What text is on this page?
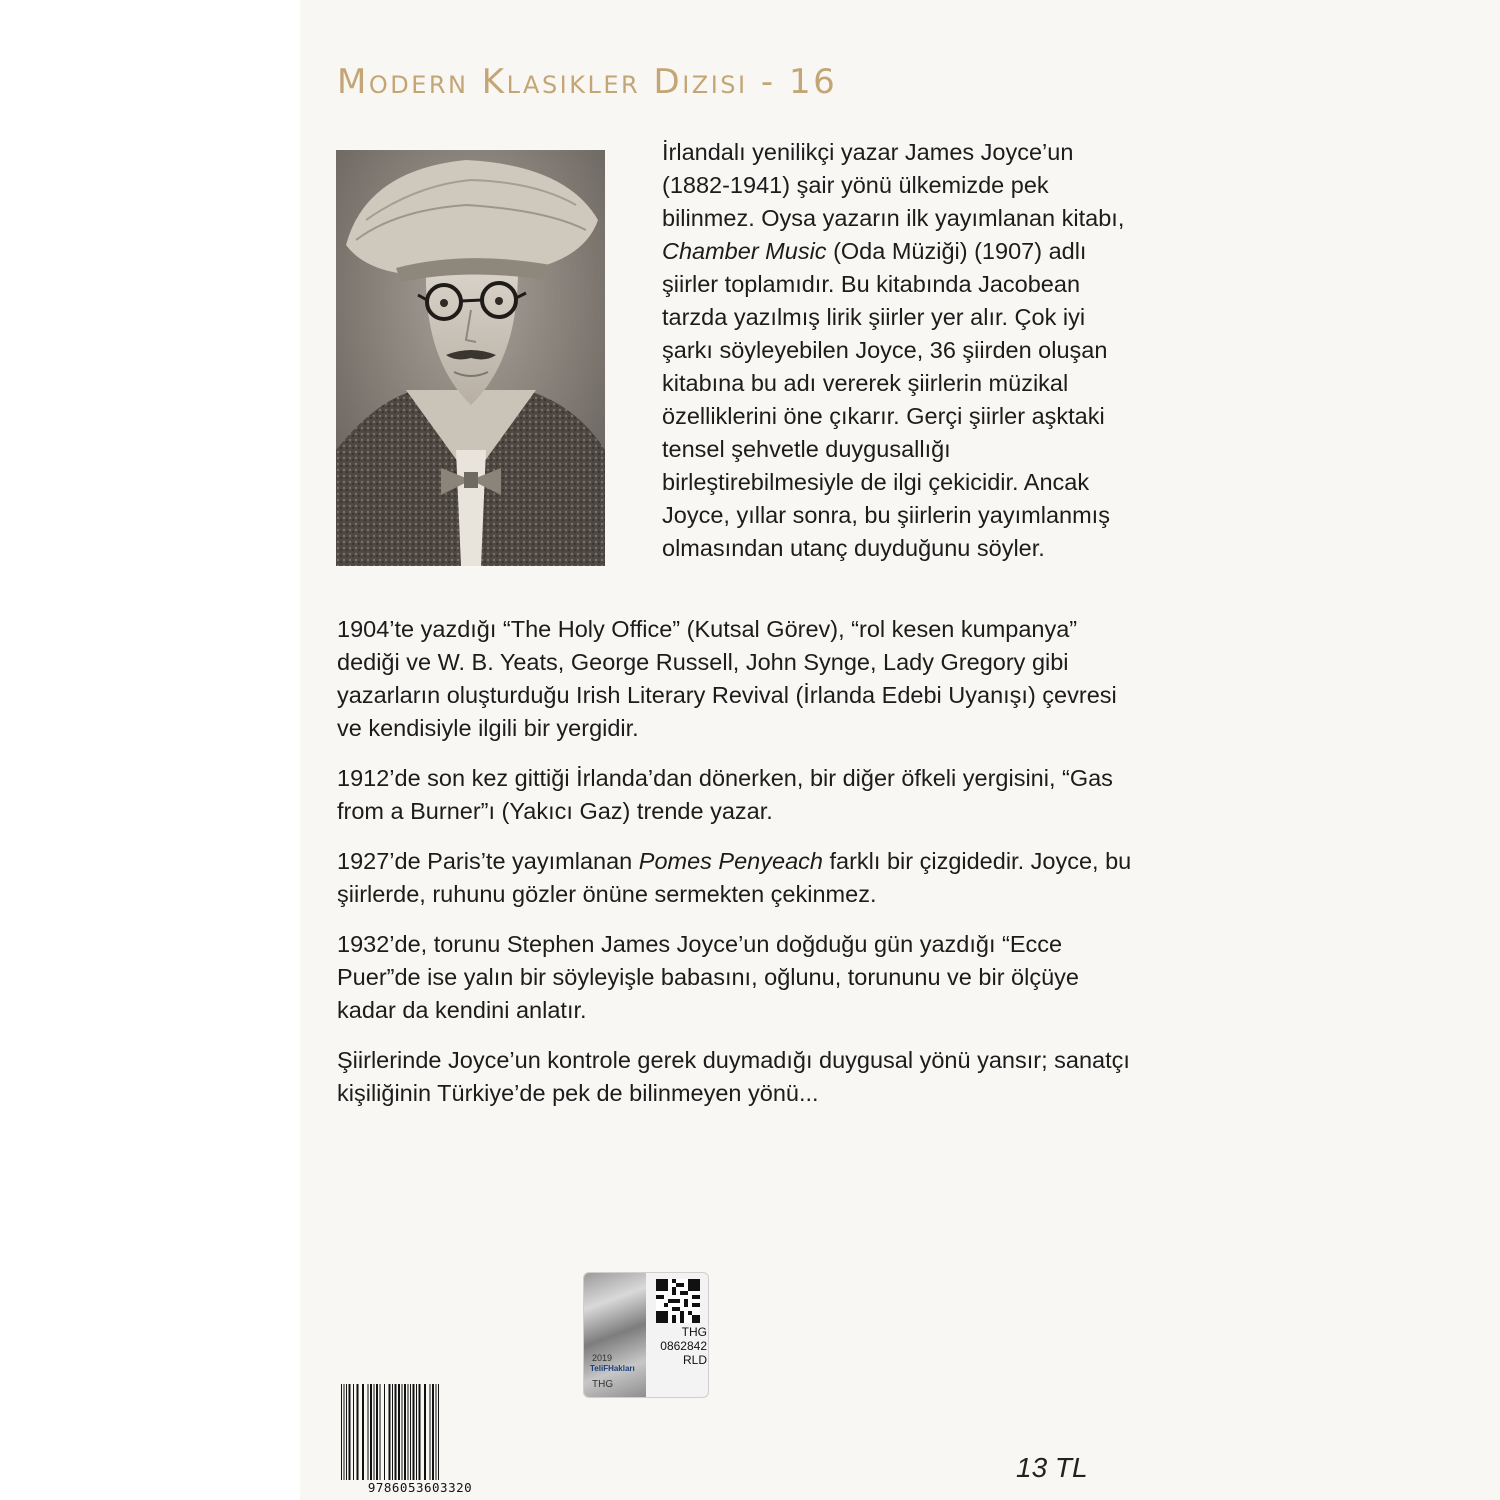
Modern Klasikler Dizisi - 16

İrlandalı yenilikçi yazar James Joyce’un (1882-1941) şair yönü ülkemizde pek bilinmez. Oysa yazarın ilk yayımlanan kitabı, Chamber Music (Oda Müziği) (1907) adlı şiirler toplamıdır. Bu kitabında Jacobean tarzda yazılmış lirik şiirler yer alır. Çok iyi şarkı söyleyebilen Joyce, 36 şiirden oluşan kitabına bu adı vererek şiirlerin müzikal özelliklerini öne çıkarır. Gerçi şiirler aşktaki tensel şehvetle duygusallığı birleştirebilmesiyle de ilgi çekicidir. Ancak Joyce, yıllar sonra, bu şiirlerin yayımlanmış olmasından utanç duyduğunu söyler.

1904’te yazdığı “The Holy Office” (Kutsal Görev), “rol kesen kumpanya” dediği ve W. B. Yeats, George Russell, John Synge, Lady Gregory gibi yazarların oluşturduğu Irish Literary Revival (İrlanda Edebi Uyanışı) çevresi ve kendisiyle ilgili bir yergidir.

1912’de son kez gittiği İrlanda’dan dönerken, bir diğer öfkeli yergisini, “Gas from a Burner”ı (Yakıcı Gaz) trende yazar.

1927’de Paris’te yayımlanan Pomes Penyeach farklı bir çizgidedir. Joyce, bu şiirlerde, ruhunu gözler önüne sermekten çekinmez.

1932’de, torunu Stephen James Joyce’un doğduğu gün yazdığı “Ecce Puer”de ise yalın bir söyleyişle babasını, oğlunu, torununu ve bir ölçüye kadar da kendini anlatır.

Şiirlerinde Joyce’un kontrole gerek duymadığı duygusal yönü yansır; sanatçı kişiliğinin Türkiye’de pek de bilinmeyen yönü...

2019
TeliFHakları
THG
THG
0862842
RLD
9786053603320
13 TL
